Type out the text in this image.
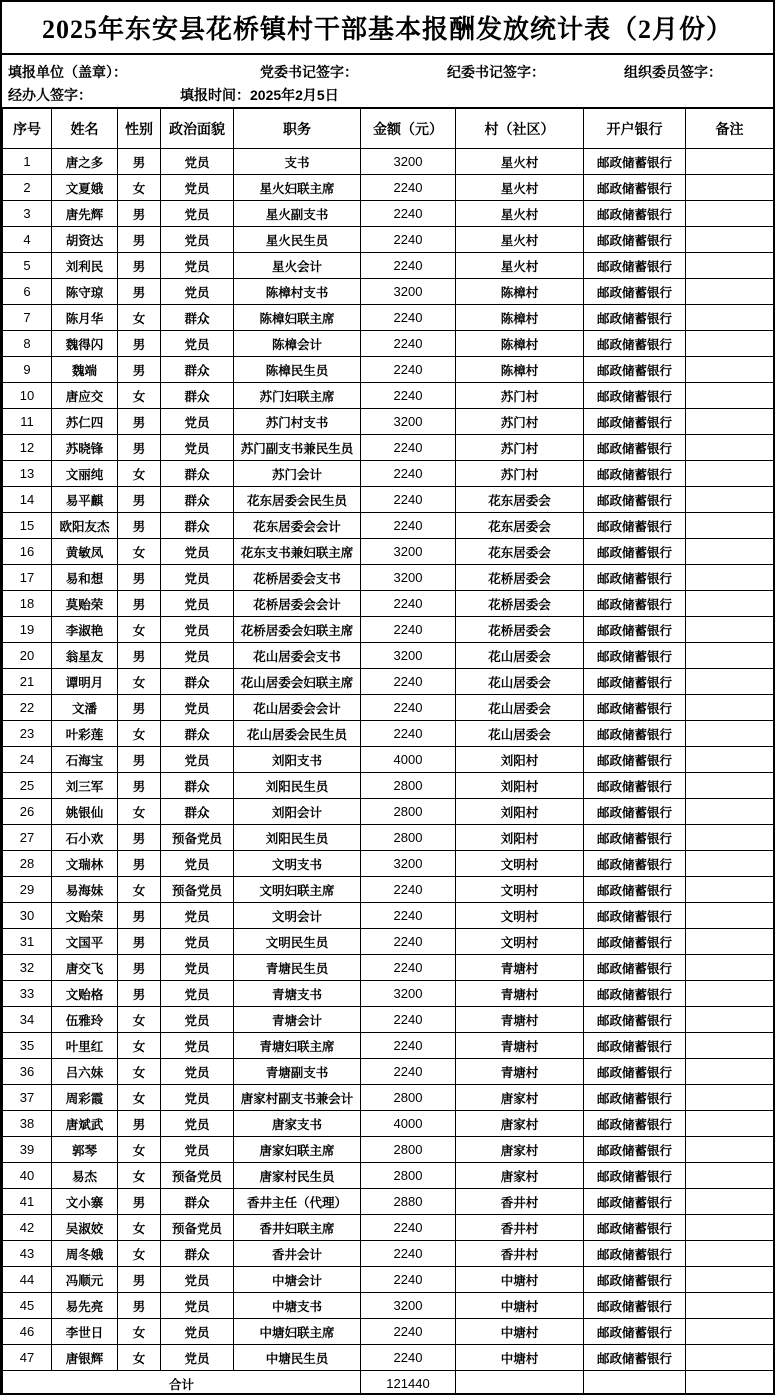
2025年东安县花桥镇村干部基本报酬发放统计表（2月份）
填报单位（盖章）：	党委书记签字：	纪委书记签字：	组织委员签字：
经办人签字：	填报时间：2025年2月5日
序号	姓名	性别	政治面貌	职务	金额（元）	村（社区）	开户银行	备注
1	唐之多	男	党员	支书	3200	星火村	邮政储蓄银行	
2	文夏娥	女	党员	星火妇联主席	2240	星火村	邮政储蓄银行	
3	唐先辉	男	党员	星火副支书	2240	星火村	邮政储蓄银行	
4	胡资达	男	党员	星火民生员	2240	星火村	邮政储蓄银行	
5	刘利民	男	党员	星火会计	2240	星火村	邮政储蓄银行	
6	陈守琼	男	党员	陈樟村支书	3200	陈樟村	邮政储蓄银行	
7	陈月华	女	群众	陈樟妇联主席	2240	陈樟村	邮政储蓄银行	
8	魏得闪	男	党员	陈樟会计	2240	陈樟村	邮政储蓄银行	
9	魏端	男	群众	陈樟民生员	2240	陈樟村	邮政储蓄银行	
10	唐应交	女	群众	苏门妇联主席	2240	苏门村	邮政储蓄银行	
11	苏仁四	男	党员	苏门村支书	3200	苏门村	邮政储蓄银行	
12	苏晓锋	男	党员	苏门副支书兼民生员	2240	苏门村	邮政储蓄银行	
13	文丽纯	女	群众	苏门会计	2240	苏门村	邮政储蓄银行	
14	易平麒	男	群众	花东居委会民生员	2240	花东居委会	邮政储蓄银行	
15	欧阳友杰	男	群众	花东居委会会计	2240	花东居委会	邮政储蓄银行	
16	黄敏凤	女	党员	花东支书兼妇联主席	3200	花东居委会	邮政储蓄银行	
17	易和想	男	党员	花桥居委会支书	3200	花桥居委会	邮政储蓄银行	
18	莫贻荣	男	党员	花桥居委会会计	2240	花桥居委会	邮政储蓄银行	
19	李淑艳	女	党员	花桥居委会妇联主席	2240	花桥居委会	邮政储蓄银行	
20	翁星友	男	党员	花山居委会支书	3200	花山居委会	邮政储蓄银行	
21	谭明月	女	群众	花山居委会妇联主席	2240	花山居委会	邮政储蓄银行	
22	文潘	男	党员	花山居委会会计	2240	花山居委会	邮政储蓄银行	
23	叶彩莲	女	群众	花山居委会民生员	2240	花山居委会	邮政储蓄银行	
24	石海宝	男	党员	刘阳支书	4000	刘阳村	邮政储蓄银行	
25	刘三军	男	群众	刘阳民生员	2800	刘阳村	邮政储蓄银行	
26	姚银仙	女	群众	刘阳会计	2800	刘阳村	邮政储蓄银行	
27	石小欢	男	预备党员	刘阳民生员	2800	刘阳村	邮政储蓄银行	
28	文瑞林	男	党员	文明支书	3200	文明村	邮政储蓄银行	
29	易海妹	女	预备党员	文明妇联主席	2240	文明村	邮政储蓄银行	
30	文贻荣	男	党员	文明会计	2240	文明村	邮政储蓄银行	
31	文国平	男	党员	文明民生员	2240	文明村	邮政储蓄银行	
32	唐交飞	男	党员	青塘民生员	2240	青塘村	邮政储蓄银行	
33	文贻格	男	党员	青塘支书	3200	青塘村	邮政储蓄银行	
34	伍雅玲	女	党员	青塘会计	2240	青塘村	邮政储蓄银行	
35	叶里红	女	党员	青塘妇联主席	2240	青塘村	邮政储蓄银行	
36	吕六妹	女	党员	青塘副支书	2240	青塘村	邮政储蓄银行	
37	周彩霞	女	党员	唐家村副支书兼会计	2800	唐家村	邮政储蓄银行	
38	唐斌武	男	党员	唐家支书	4000	唐家村	邮政储蓄银行	
39	郭琴	女	党员	唐家妇联主席	2800	唐家村	邮政储蓄银行	
40	易杰	女	预备党员	唐家村民生员	2800	唐家村	邮政储蓄银行	
41	文小寨	男	群众	香井主任（代理）	2880	香井村	邮政储蓄银行	
42	吴淑姣	女	预备党员	香井妇联主席	2240	香井村	邮政储蓄银行	
43	周冬娥	女	群众	香井会计	2240	香井村	邮政储蓄银行	
44	冯顺元	男	党员	中塘会计	2240	中塘村	邮政储蓄银行	
45	易先亮	男	党员	中塘支书	3200	中塘村	邮政储蓄银行	
46	李世日	女	党员	中塘妇联主席	2240	中塘村	邮政储蓄银行	
47	唐银辉	女	党员	中塘民生员	2240	中塘村	邮政储蓄银行	
合计					121440			
